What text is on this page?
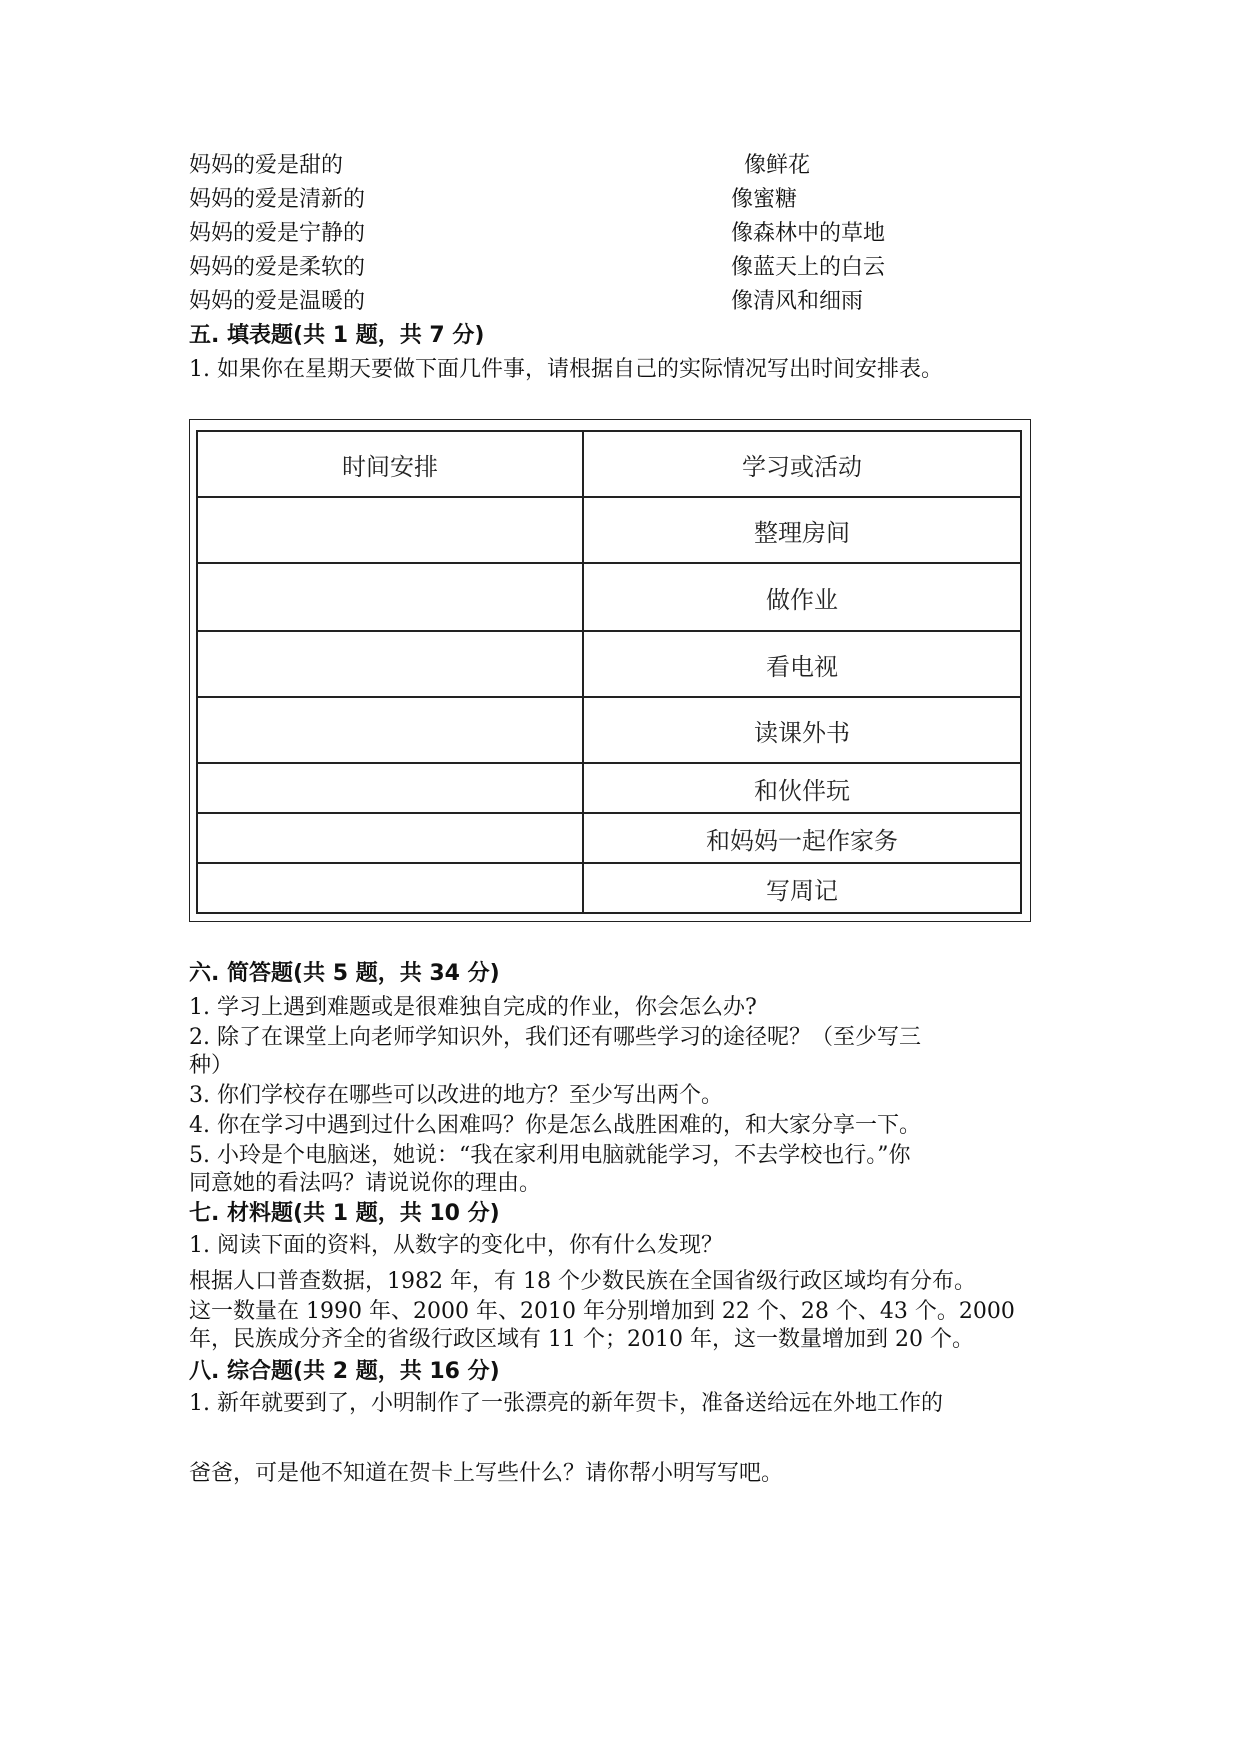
妈妈的爱是甜的	像鲜花
妈妈的爱是清新的	像蜜糖
妈妈的爱是宁静的	像森林中的草地
妈妈的爱是柔软的	像蓝天上的白云
妈妈的爱是温暖的	像清风和细雨
五. 填表题(共 1 题，共 7 分)
1. 如果你在星期天要做下面几件事，请根据自己的实际情况写出时间安排表。
时间安排	学习或活动
	整理房间
	做作业
	看电视
	读课外书
	和伙伴玩
	和妈妈一起作家务
	写周记
六. 简答题(共 5 题，共 34 分)
1. 学习上遇到难题或是很难独自完成的作业，你会怎么办?
2. 除了在课堂上向老师学知识外，我们还有哪些学习的途径呢？（至少写三
种）
3. 你们学校存在哪些可以改进的地方？至少写出两个。
4. 你在学习中遇到过什么困难吗？你是怎么战胜困难的，和大家分享一下。
5. 小玲是个电脑迷，她说：“我在家利用电脑就能学习，不去学校也行。”你
同意她的看法吗？请说说你的理由。
七. 材料题(共 1 题，共 10 分)
1. 阅读下面的资料，从数字的变化中，你有什么发现？
根据人口普查数据，1982 年，有 18 个少数民族在全国省级行政区域均有分布。
这一数量在 1990 年、2000 年、2010 年分别增加到 22 个、28 个、43 个。2000
年，民族成分齐全的省级行政区域有 11 个；2010 年，这一数量增加到 20 个。
八. 综合题(共 2 题，共 16 分)
1. 新年就要到了，小明制作了一张漂亮的新年贺卡，准备送给远在外地工作的
爸爸，可是他不知道在贺卡上写些什么？请你帮小明写写吧。
